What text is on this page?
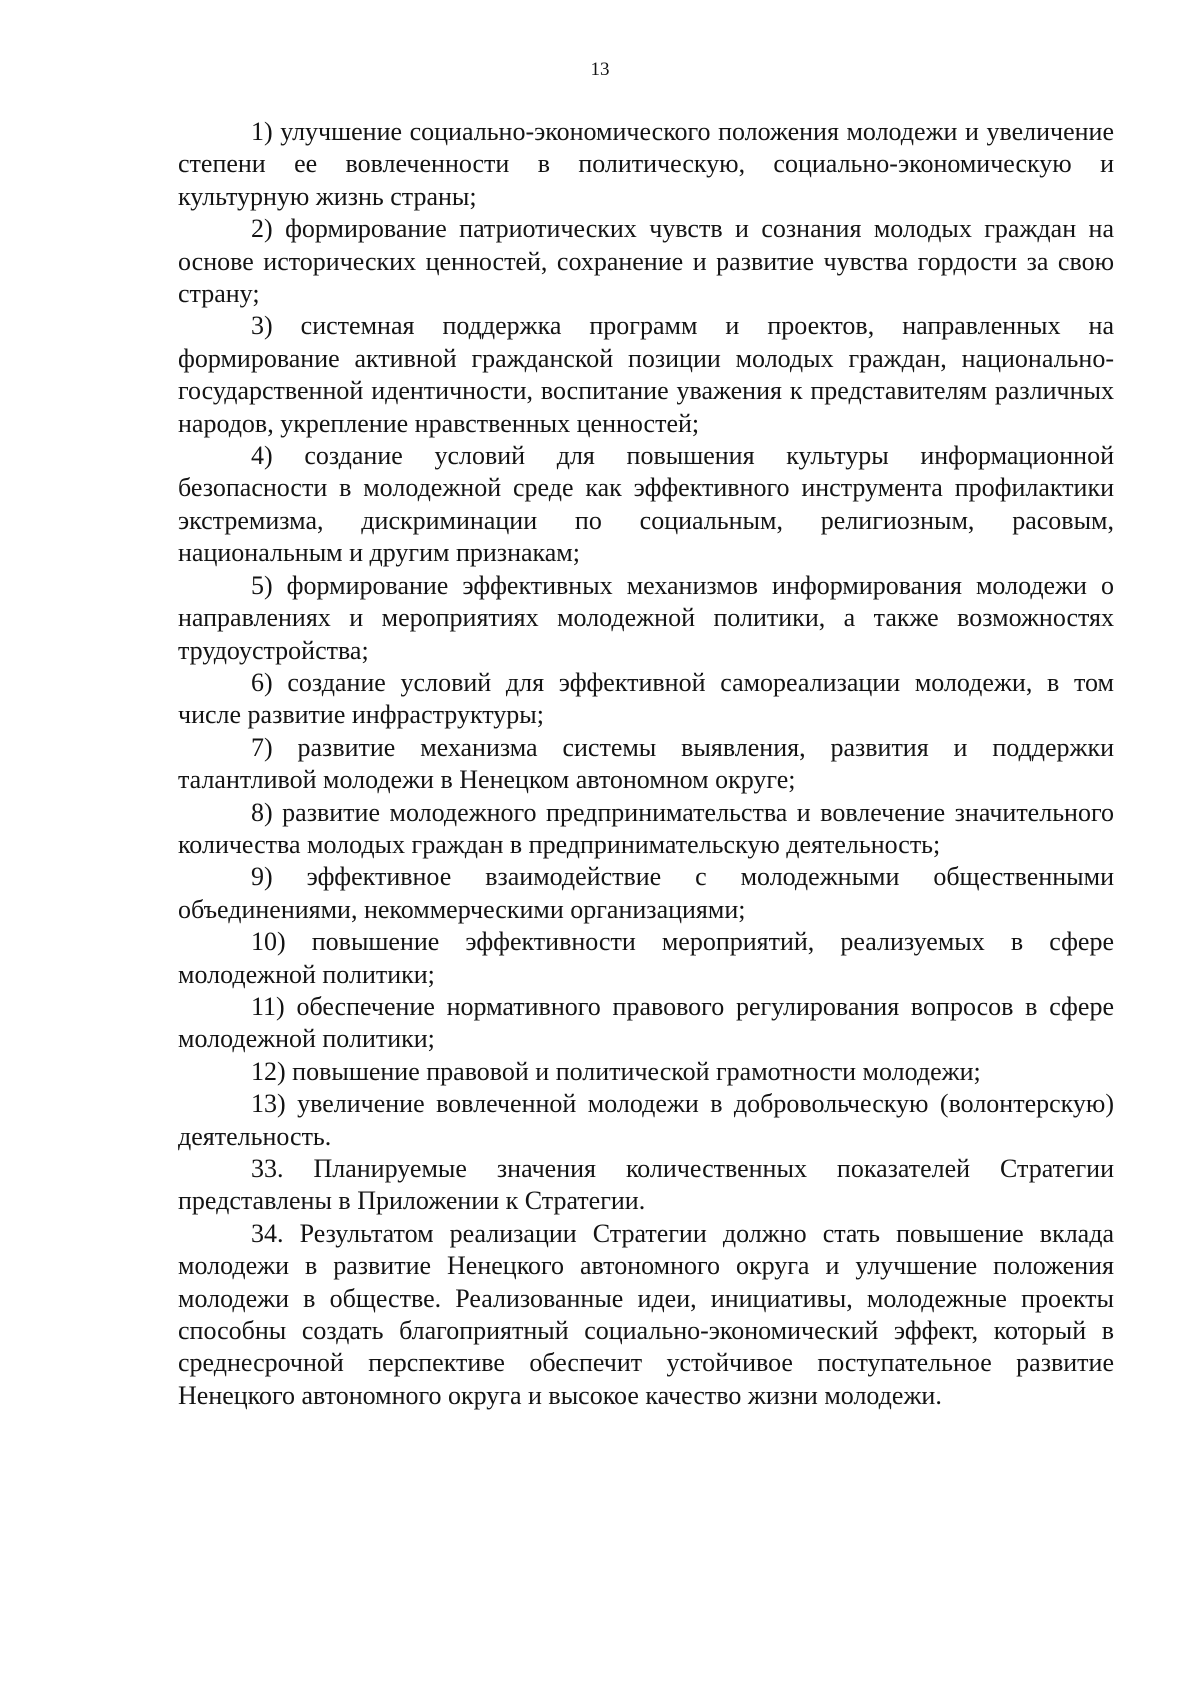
13

1) улучшение социально-экономического положения молодежи и увеличение степени ее вовлеченности в политическую, социально-экономическую и культурную жизнь страны;

2) формирование патриотических чувств и сознания молодых граждан на основе исторических ценностей, сохранение и развитие чувства гордости за свою страну;

3) системная поддержка программ и проектов, направленных на формирование активной гражданской позиции молодых граждан, национально-государственной идентичности, воспитание уважения к представителям различных народов, укрепление нравственных ценностей;

4) создание условий для повышения культуры информационной безопасности в молодежной среде как эффективного инструмента профилактики экстремизма, дискриминации по социальным, религиозным, расовым, национальным и другим признакам;

5) формирование эффективных механизмов информирования молодежи о направлениях и мероприятиях молодежной политики, а также возможностях трудоустройства;

6) создание условий для эффективной самореализации молодежи, в том числе развитие инфраструктуры;

7) развитие механизма системы выявления, развития и поддержки талантливой молодежи в Ненецком автономном округе;

8) развитие молодежного предпринимательства и вовлечение значительного количества молодых граждан в предпринимательскую деятельность;

9) эффективное взаимодействие с молодежными общественными объединениями, некоммерческими организациями;

10) повышение эффективности мероприятий, реализуемых в сфере молодежной политики;

11) обеспечение нормативного правового регулирования вопросов в сфере молодежной политики;

12) повышение правовой и политической грамотности молодежи;

13) увеличение вовлеченной молодежи в добровольческую (волонтерскую) деятельность.

33. Планируемые значения количественных показателей Стратегии представлены в Приложении к Стратегии.

34. Результатом реализации Стратегии должно стать повышение вклада молодежи в развитие Ненецкого автономного округа и улучшение положения молодежи в обществе. Реализованные идеи, инициативы, молодежные проекты способны создать благоприятный социально-экономический эффект, который в среднесрочной перспективе обеспечит устойчивое поступательное развитие Ненецкого автономного округа и высокое качество жизни молодежи.
